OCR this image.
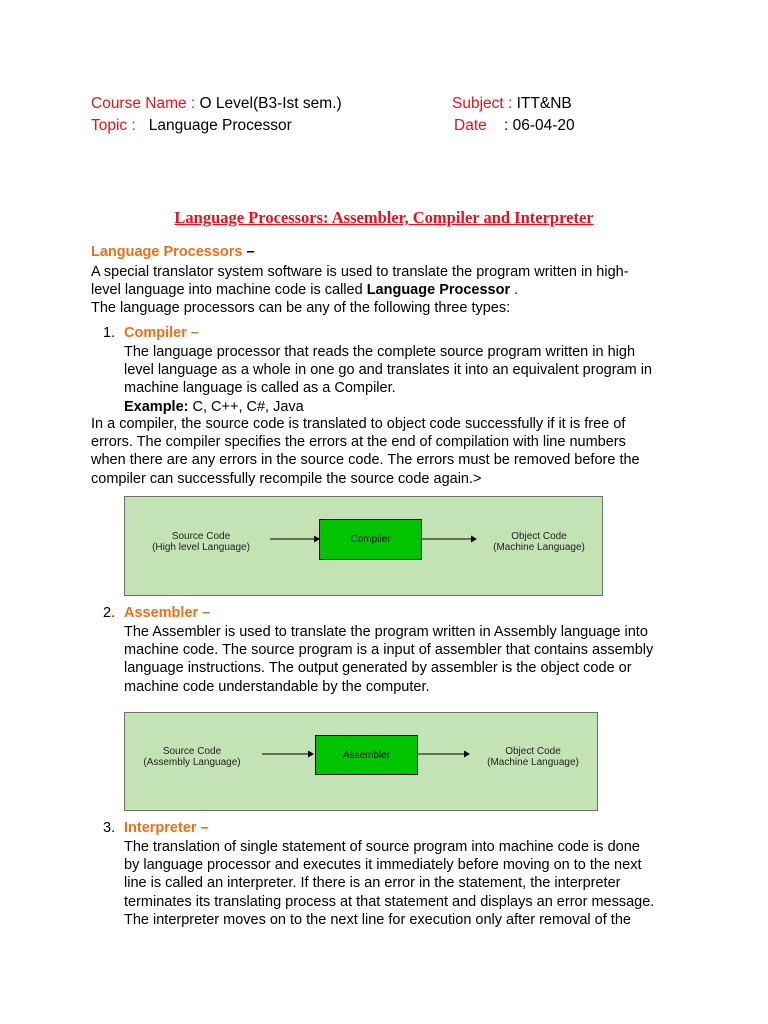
Course Name : O Level(B3-Ist sem.)	Subject : ITT&NB
Topic :   Language Processor	Date : 06-04-20
Language Processors: Assembler, Compiler and Interpreter
Language Processors –

A special translator system software is used to translate the program written in high-

level language into machine code is called Language Processor .

The language processors can be any of the following three types:

1. Compiler –

The language processor that reads the complete source program written in high

level language as a whole in one go and translates it into an equivalent program in

machine language is called as a Compiler.

Example: C, C++, C#, Java

In a compiler, the source code is translated to object code successfully if it is free of

errors. The compiler specifies the errors at the end of compilation with line numbers

when there are any errors in the source code. The errors must be removed before the

compiler can successfully recompile the source code again.>

Source Code
(High level Language)
Compiler	Object Code
(Machine Language)
2. Assembler –

The Assembler is used to translate the program written in Assembly language into

machine code. The source program is a input of assembler that contains assembly

language instructions. The output generated by assembler is the object code or

machine code understandable by the computer.

Source Code
(Assembly Language)
Assembler	Object Code
(Machine Language)
3. Interpreter –

The translation of single statement of source program into machine code is done

by language processor and executes it immediately before moving on to the next

line is called an interpreter. If there is an error in the statement, the interpreter

terminates its translating process at that statement and displays an error message.

The interpreter moves on to the next line for execution only after removal of the
